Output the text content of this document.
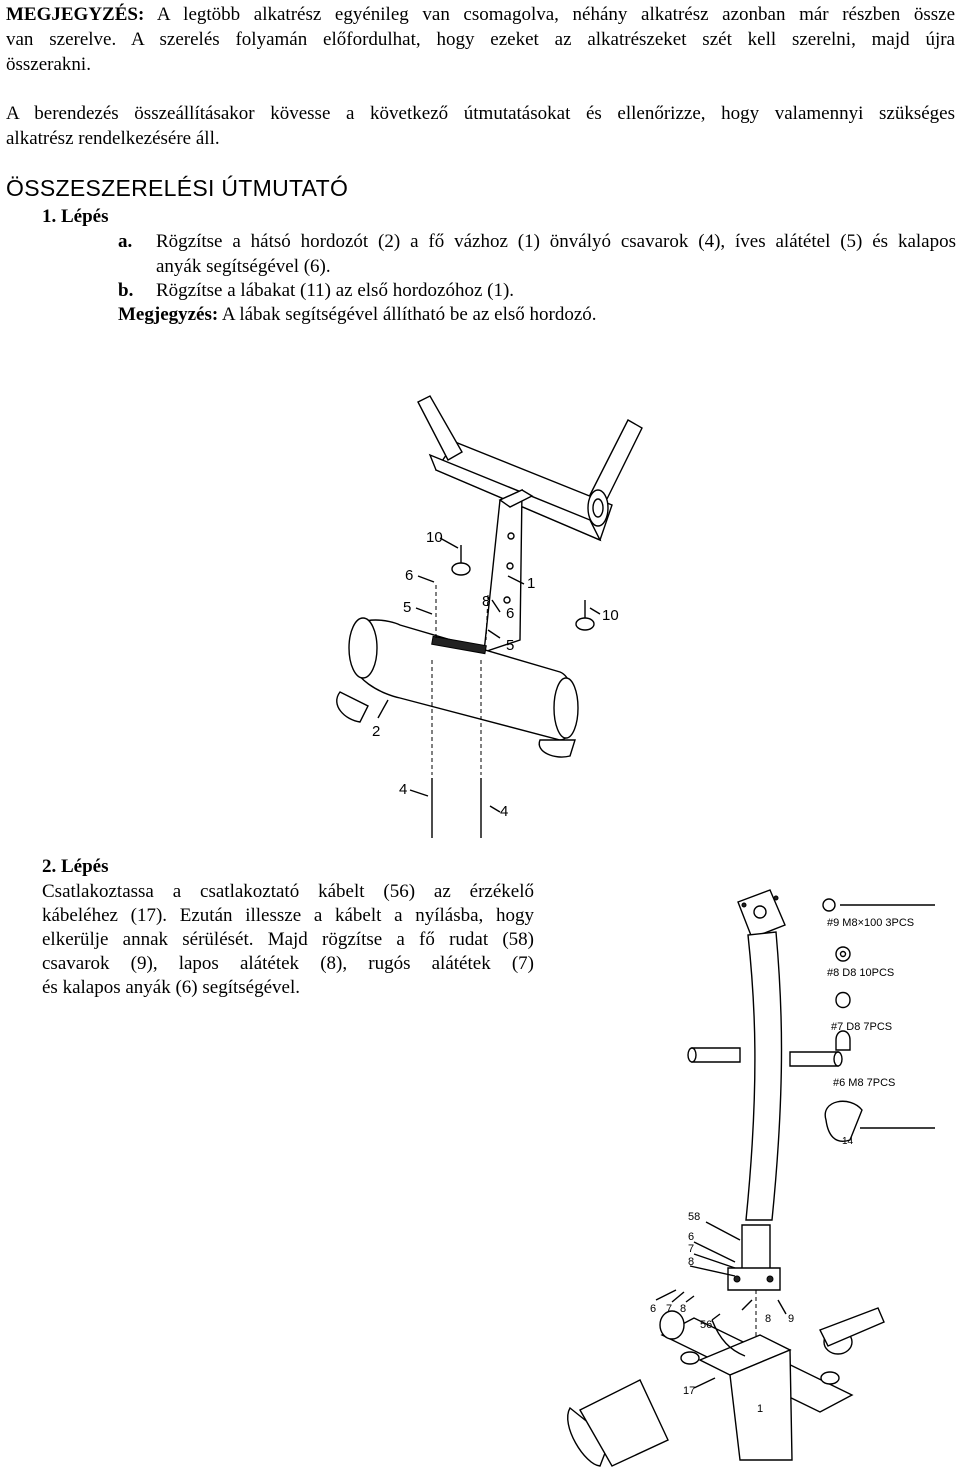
MEGJEGYZÉS: A legtöbb alkatrész egyénileg van csomagolva, néhány alkatrész azonban már részben össze
van szerelve. A szerelés folyamán előfordulhat, hogy ezeket az alkatrészeket szét kell szerelni, majd újra
összerakni.
A berendezés összeállításakor kövesse a következő útmutatásokat és ellenőrizze, hogy valamennyi szükséges
alkatrész rendelkezésére áll.
ÖSSZESZERELÉSI ÚTMUTATÓ
1. Lépés
a. Rögzítse a hátsó hordozót (2) a fő vázhoz (1) önvályó csavarok (4), íves alátétel (5) és kalapos
anyák segítségével (6).
b. Rögzítse a lábakat (11) az első hordozóhoz (1).
Megjegyzés: A lábak segítségével állítható be az első hordozó.
10
6
5
1
8
6
5
10
2
4
4
2. Lépés
Csatlakoztassa a csatlakoztató kábelt (56) az érzékelő
kábeléhez (17). Ezután illessze a kábelt a nyílásba, hogy
elkerülje annak sérülését. Majd rögzítse a fő rudat (58)
csavarok (9), lapos alátétek (8), rugós alátétek (7)
és kalapos anyák (6) segítségével.
#9 M8×100 3PCS
#8 D8 10PCS
#7 D8 7PCS
#6 M8 7PCS
14
58
6
7
8
6 7 8
56	8 9
17
1
